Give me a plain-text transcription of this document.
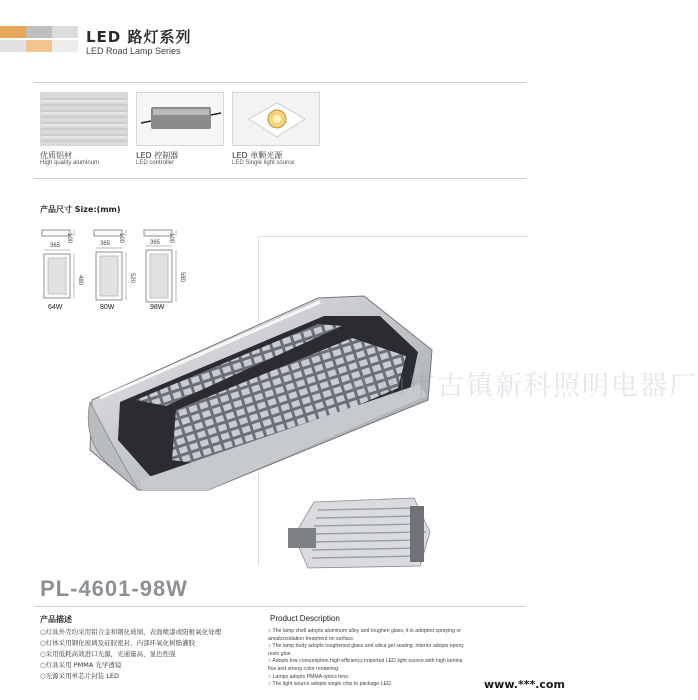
LED 路灯系列
LED Road Lamp Series
优质铝材
High quality aluminum
LED 控制器
LED controller
LED 单颗光源
LED Single light source
产品尺寸 Size:(mm)
365
100
480
64W
365
100
520
80W
365 100
580
98W
中山市古镇新科照明电器厂
PL-4601-98W
产品描述
○灯具外壳均采用铝合金和钢化玻璃，表面喷漆或阳极氧化处理
○灯体采用钢化玻璃及硅胶密封，内部环氧化树脂灌胶
○采用低耗高效进口光源，光通量高、显色性强
○灯具采用 PMMA 光学透镜
○光源采用单芯片封装 LED
Product Description
○ The lamp shell adopts aluminum alloy and toughen glass, it is adopted spraying or
anodicoxidation treatment on surface.
○ The lamp body adopts toughened glass and silica gel sealing, interior adopts epoxy
resin glue.
○ Adopts low consumption,high efficiency imported LED light source,with high lumina
flux and strong color rendering.
○ Lamps adopts PMMA optics lens.
○ The light source adopts single chip to package LED.	www.***.com
